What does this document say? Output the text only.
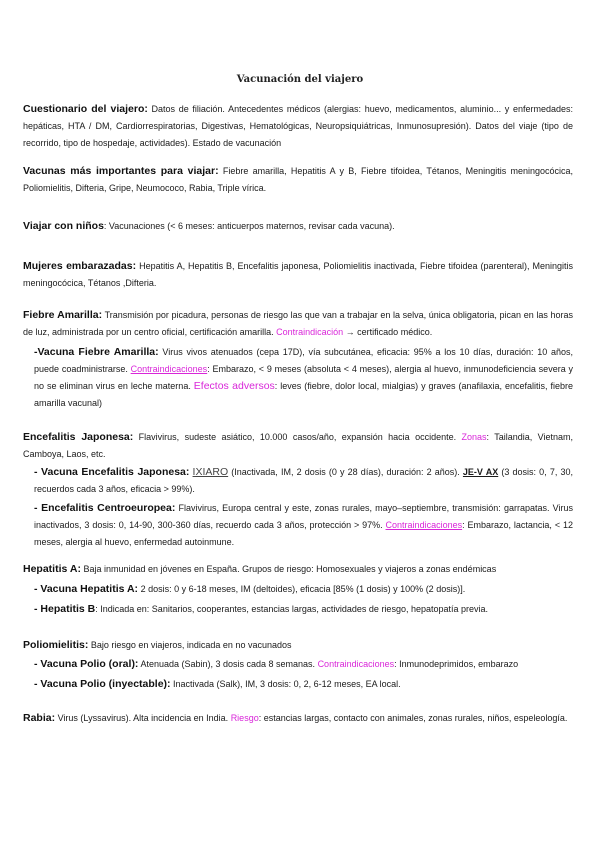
Vacunación del viajero
Cuestionario del viajero: Datos de filiación. Antecedentes médicos (alergias: huevo, medicamentos, aluminio... y enfermedades: hepáticas, HTA / DM, Cardiorrespiratorias, Digestivas, Hematológicas, Neuropsiquiátricas, Inmunosupresión). Datos del viaje (tipo de recorrido, tipo de hospedaje, actividades). Estado de vacunación
Vacunas más importantes para viajar: Fiebre amarilla, Hepatitis A y B, Fiebre tifoidea, Tétanos, Meningitis meningocócica, Poliomielitis, Difteria, Gripe, Neumococo, Rabia, Triple vírica.
Viajar con niños: Vacunaciones (< 6 meses: anticuerpos maternos, revisar cada vacuna).
Mujeres embarazadas: Hepatitis A, Hepatitis B, Encefalitis japonesa, Poliomielitis inactivada, Fiebre tifoidea (parenteral), Meningitis meningocócica, Tétanos ,Difteria.
Fiebre Amarilla: Transmisión por picadura, personas de riesgo las que van a trabajar en la selva, única obligatoria, pican en las horas de luz, administrada por un centro oficial, certificación amarilla. Contraindicación → certificado médico.
-Vacuna Fiebre Amarilla: Virus vivos atenuados (cepa 17D), vía subcutánea, eficacia: 95% a los 10 días, duración: 10 años, puede coadministrarse. Contraindicaciones: Embarazo, < 9 meses (absoluta < 4 meses), alergia al huevo, inmunodeficiencia severa y no se eliminan virus en leche materna. Efectos adversos: leves (fiebre, dolor local, mialgias) y graves (anafilaxia, encefalitis, fiebre amarilla vacunal)
Encefalitis Japonesa: Flavivirus, sudeste asiático, 10.000 casos/año, expansión hacia occidente. Zonas: Tailandia, Vietnam, Camboya, Laos, etc.
- Vacuna Encefalitis Japonesa: IXIARO (Inactivada, IM, 2 dosis (0 y 28 días), duración: 2 años). JE-V AX (3 dosis: 0, 7, 30, recuerdos cada 3 años, eficacia > 99%).
- Encefalitis Centroeuropea: Flavivirus, Europa central y este, zonas rurales, mayo–septiembre, transmisión: garrapatas. Virus inactivados, 3 dosis: 0, 14-90, 300-360 días, recuerdo cada 3 años, protección > 97%. Contraindicaciones: Embarazo, lactancia, < 12 meses, alergia al huevo, enfermedad autoinmune.
Hepatitis A: Baja inmunidad en jóvenes en España. Grupos de riesgo: Homosexuales y viajeros a zonas endémicas
- Vacuna Hepatitis A: 2 dosis: 0 y 6-18 meses, IM (deltoides), eficacia [85% (1 dosis) y 100% (2 dosis)].
- Hepatitis B: Indicada en: Sanitarios, cooperantes, estancias largas, actividades de riesgo, hepatopatía previa.
Poliomielitis: Bajo riesgo en viajeros, indicada en no vacunados
- Vacuna Polio (oral): Atenuada (Sabin), 3 dosis cada 8 semanas. Contraindicaciones: Inmunodeprimidos, embarazo
- Vacuna Polio (inyectable): Inactivada (Salk), IM, 3 dosis: 0, 2, 6-12 meses, EA local.
Rabia: Virus (Lyssavirus). Alta incidencia en India. Riesgo: estancias largas, contacto con animales, zonas rurales, niños, espeleología.
